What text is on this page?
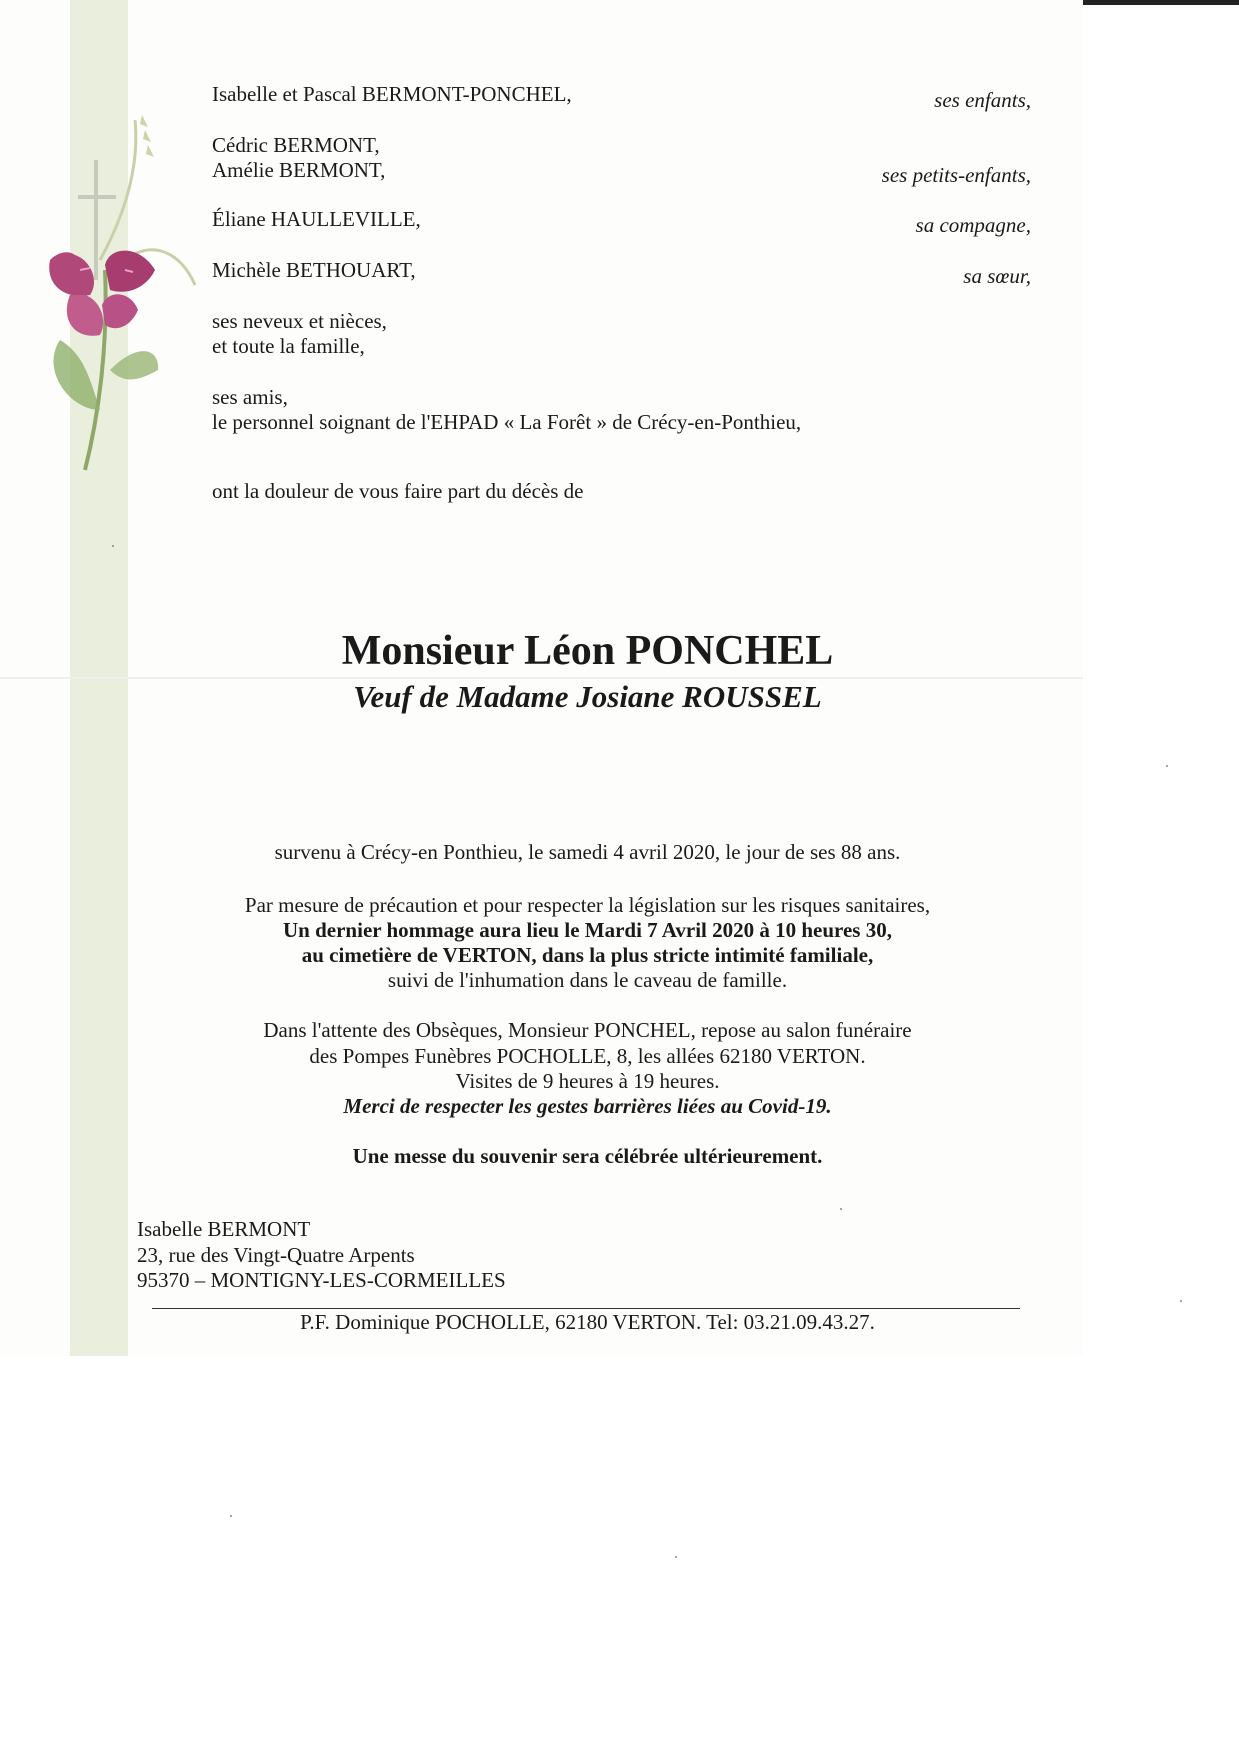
Isabelle et Pascal BERMONT-PONCHEL,	ses enfants,

Cédric BERMONT,

Amélie BERMONT,	ses petits-enfants,

Éliane HAULLEVILLE,	sa compagne,

Michèle BETHOUART,	sa sœur,

ses neveux et nièces,

et toute la famille,

ses amis,

le personnel soignant de l'EHPAD « La Forêt » de Crécy-en-Ponthieu,

ont la douleur de vous faire part du décès de

Monsieur Léon PONCHEL
Veuf de Madame Josiane ROUSSEL

survenu à Crécy-en Ponthieu, le samedi 4 avril 2020, le jour de ses 88 ans.

Par mesure de précaution et pour respecter la législation sur les risques sanitaires,

Un dernier hommage aura lieu le Mardi 7 Avril 2020 à 10 heures 30,

au cimetière de VERTON, dans la plus stricte intimité familiale,

suivi de l'inhumation dans le caveau de famille.

Dans l'attente des Obsèques, Monsieur PONCHEL, repose au salon funéraire

des Pompes Funèbres POCHOLLE, 8, les allées 62180 VERTON.

Visites de 9 heures à 19 heures.

Merci de respecter les gestes barrières liées au Covid-19.

Une messe du souvenir sera célébrée ultérieurement.

Isabelle BERMONT

23, rue des Vingt-Quatre Arpents

95370 – MONTIGNY-LES-CORMEILLES

P.F. Dominique POCHOLLE, 62180 VERTON. Tel: 03.21.09.43.27.
